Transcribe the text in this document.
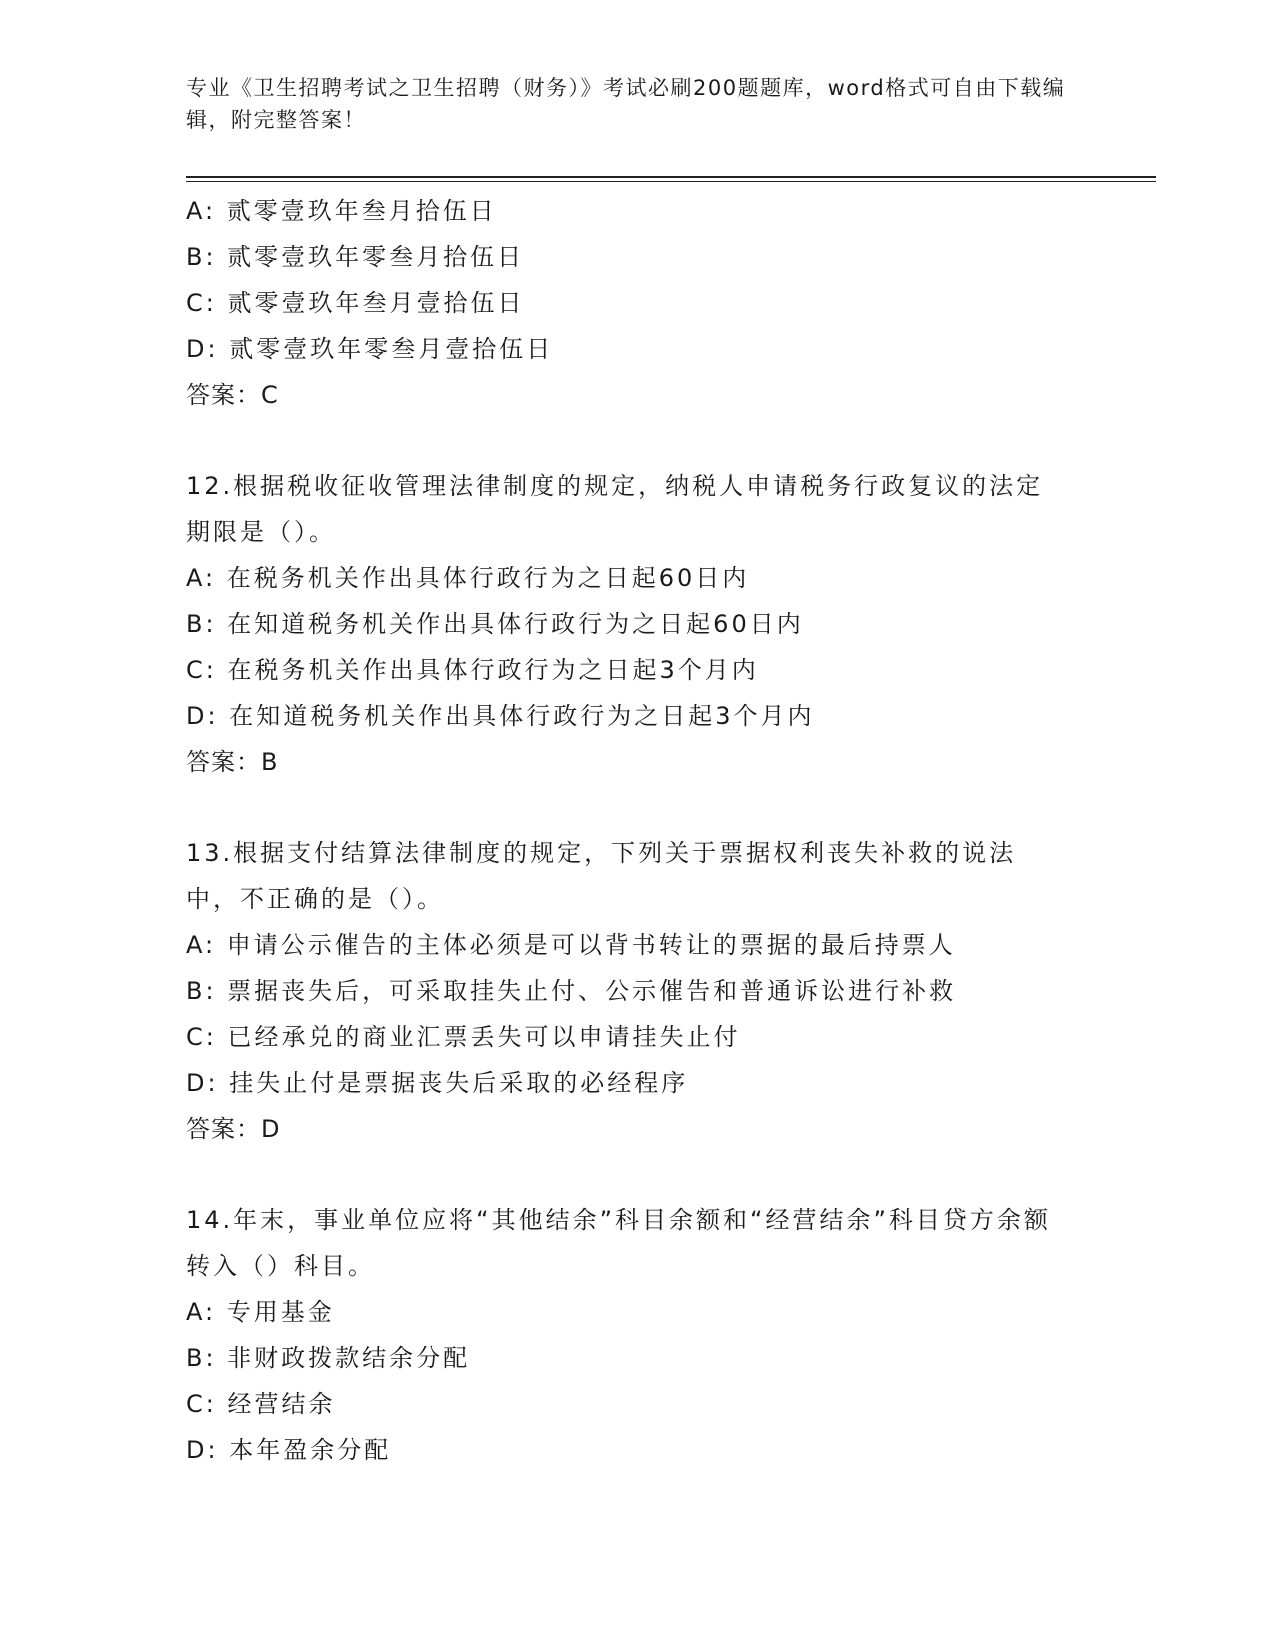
专业《卫生招聘考试之卫生招聘（财务）》考试必刷200题题库，word格式可自由下载编辑，附完整答案！
A: 贰零壹玖年叁月拾伍日
B: 贰零壹玖年零叁月拾伍日
C: 贰零壹玖年叁月壹拾伍日
D: 贰零壹玖年零叁月壹拾伍日
答案：C
12.根据税收征收管理法律制度的规定，纳税人申请税务行政复议的法定期限是（）。
A: 在税务机关作出具体行政行为之日起60日内
B: 在知道税务机关作出具体行政行为之日起60日内
C: 在税务机关作出具体行政行为之日起3个月内
D: 在知道税务机关作出具体行政行为之日起3个月内
答案：B
13.根据支付结算法律制度的规定，下列关于票据权利丧失补救的说法中，不正确的是（）。
A: 申请公示催告的主体必须是可以背书转让的票据的最后持票人
B: 票据丧失后，可采取挂失止付、公示催告和普通诉讼进行补救
C: 已经承兑的商业汇票丢失可以申请挂失止付
D: 挂失止付是票据丧失后采取的必经程序
答案：D
14.年末，事业单位应将“其他结余”科目余额和“经营结余”科目贷方余额转入（）科目。
A: 专用基金
B: 非财政拨款结余分配
C: 经营结余
D: 本年盈余分配
